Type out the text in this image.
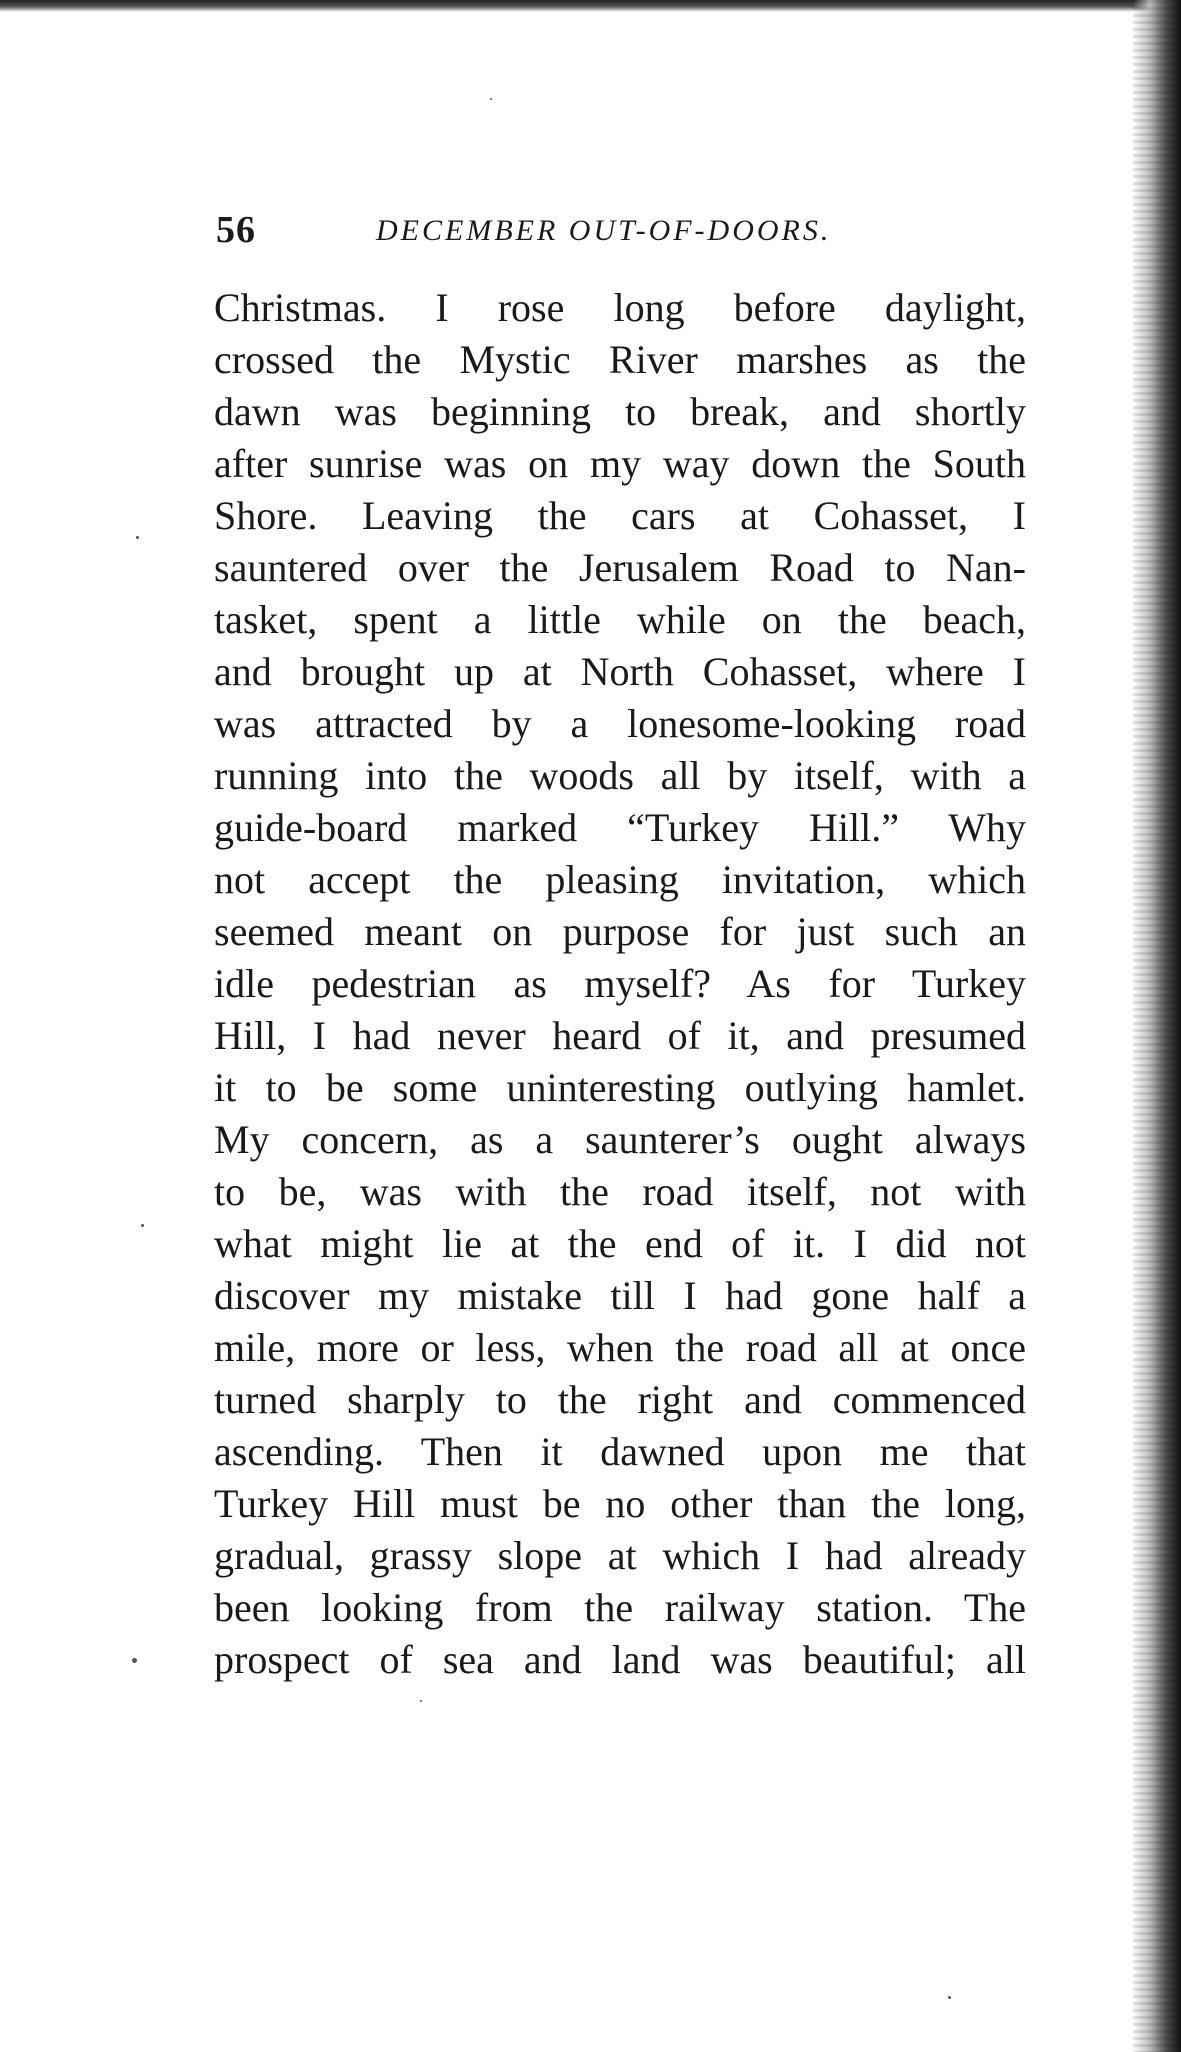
56	DECEMBER OUT-OF-DOORS.
Christmas. I rose long before daylight,
crossed the Mystic River marshes as the
dawn was beginning to break, and shortly
after sunrise was on my way down the South
Shore. Leaving the cars at Cohasset, I
sauntered over the Jerusalem Road to Nan-
tasket, spent a little while on the beach,
and brought up at North Cohasset, where I
was attracted by a lonesome-looking road
running into the woods all by itself, with a
guide-board marked “Turkey Hill.” Why
not accept the pleasing invitation, which
seemed meant on purpose for just such an
idle pedestrian as myself? As for Turkey
Hill, I had never heard of it, and presumed
it to be some uninteresting outlying hamlet.
My concern, as a saunterer’s ought always
to be, was with the road itself, not with
what might lie at the end of it. I did not
discover my mistake till I had gone half a
mile, more or less, when the road all at once
turned sharply to the right and commenced
ascending. Then it dawned upon me that
Turkey Hill must be no other than the long,
gradual, grassy slope at which I had already
been looking from the railway station. The
prospect of sea and land was beautiful; all
